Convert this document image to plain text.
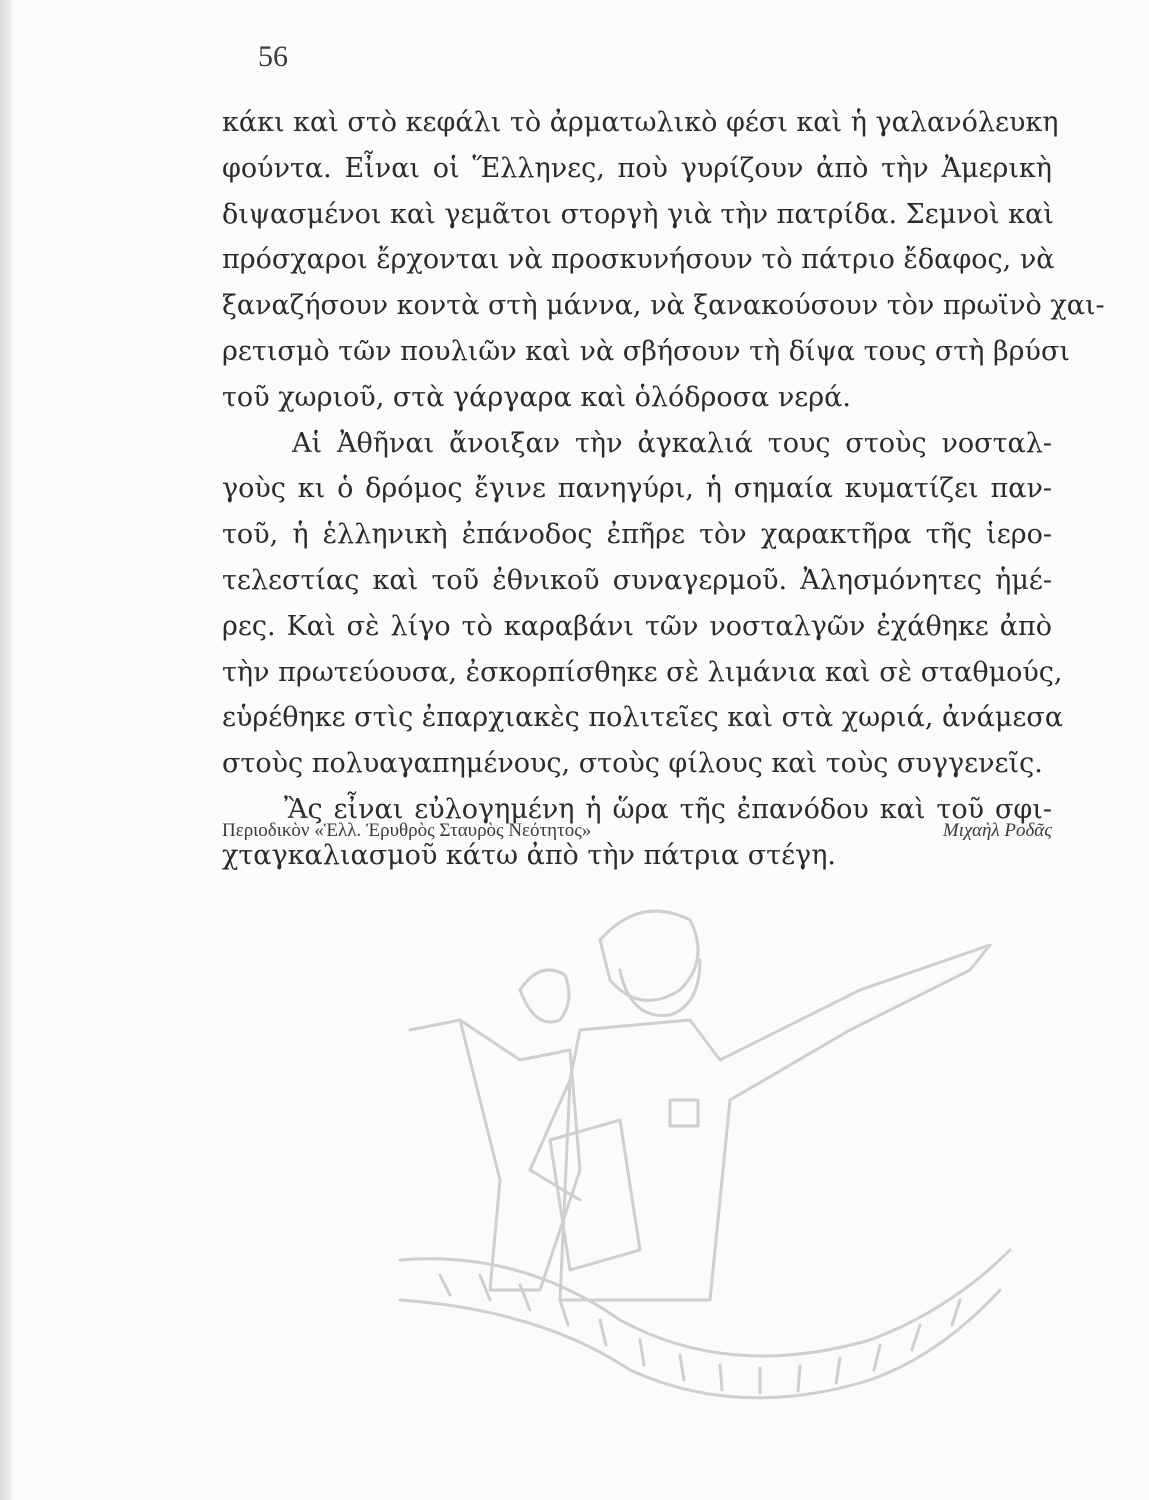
56
κάκι καὶ στὸ κεφάλι τὸ ἀρματωλικὸ φέσι καὶ ἡ γαλανόλευκη
φούντα. Εἶναι οἱ Ἕλληνες, ποὺ γυρίζουν ἀπὸ τὴν Ἀμερικὴ
διψασμένοι καὶ γεμᾶτοι στοργὴ γιὰ τὴν πατρίδα. Σεμνοὶ καὶ
πρόσχαροι ἔρχονται νὰ προσκυνήσουν τὸ πάτριο ἔδαφος, νὰ
ξαναζήσουν κοντὰ στὴ μάννα, νὰ ξανακούσουν τὸν πρωϊνὸ χαι-
ρετισμὸ τῶν πουλιῶν καὶ νὰ σβήσουν τὴ δίψα τους στὴ βρύσι
τοῦ χωριοῦ, στὰ γάργαρα καὶ ὁλόδροσα νερά.
Αἱ Ἀθῆναι ἄνοιξαν τὴν ἀγκαλιά τους στοὺς νοσταλ-
γοὺς κι ὁ δρόμος ἔγινε πανηγύρι, ἡ σημαία κυματίζει παν-
τοῦ, ἡ ἑλληνικὴ ἐπάνοδος ἐπῆρε τὸν χαρακτῆρα τῆς ἱερο-
τελεστίας καὶ τοῦ ἐθνικοῦ συναγερμοῦ. Ἀλησμόνητες ἡμέ-
ρες. Καὶ σὲ λίγο τὸ καραβάνι τῶν νοσταλγῶν ἐχάθηκε ἀπὸ
τὴν πρωτεύουσα, ἐσκορπίσθηκε σὲ λιμάνια καὶ σὲ σταθμούς,
εὑρέθηκε στὶς ἐπαρχιακὲς πολιτεῖες καὶ στὰ χωριά, ἀνάμεσα
στοὺς πολυαγαπημένους, στοὺς φίλους καὶ τοὺς συγγενεῖς.
Ἂς εἶναι εὐλογημένη ἡ ὥρα τῆς ἐπανόδου καὶ τοῦ σφι-
χταγκαλιασμοῦ κάτω ἀπὸ τὴν πάτρια στέγη.
Περιοδικὸν «Ἑλλ. Ἐρυθρὸς Σταυρὸς Νεότητος»	Μιχαὴλ Ροδᾶς
